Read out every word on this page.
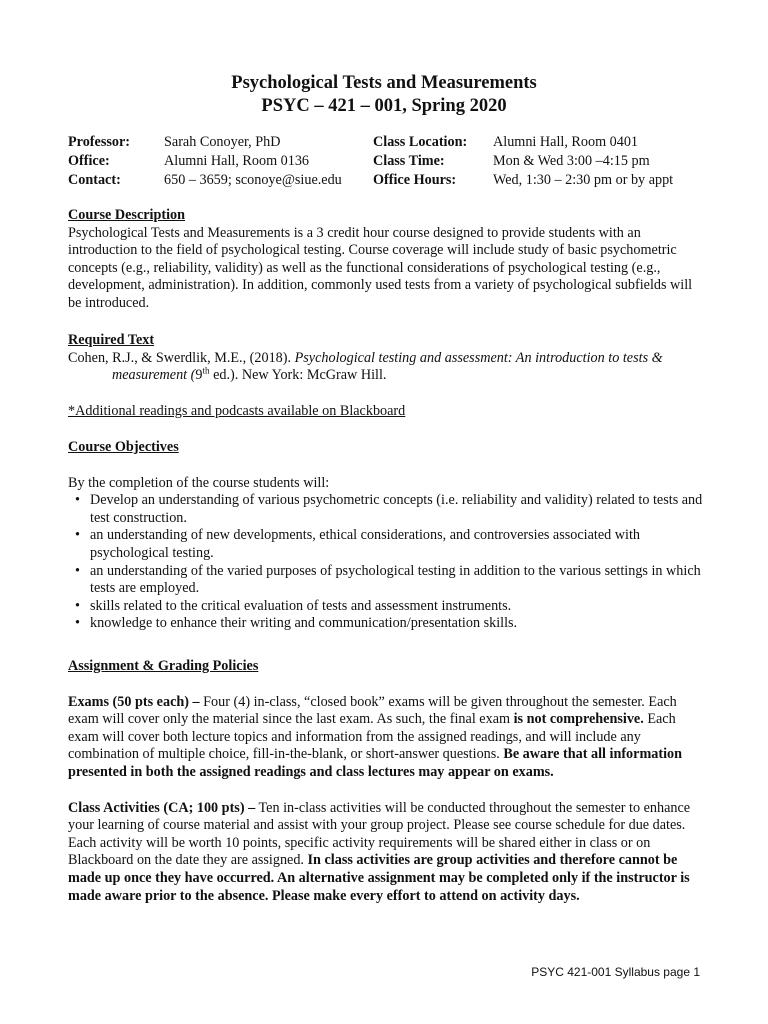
Psychological Tests and Measurements
PSYC – 421 – 001, Spring 2020
Professor: Sarah Conoyer, PhD	Class Location: Alumni Hall, Room 0401
Office:	Alumni Hall, Room 0136	Class Time:	Mon & Wed 3:00 –4:15 pm
Contact:	650 – 3659; sconoye@siue.edu Office Hours:	Wed, 1:30 – 2:30 pm or by appt
Course Description

Psychological Tests and Measurements is a 3 credit hour course designed to provide students with an introduction to the field of psychological testing. Course coverage will include study of basic psychometric concepts (e.g., reliability, validity) as well as the functional considerations of psychological testing (e.g., development, administration). In addition, commonly used tests from a variety of psychological subfields will be introduced.

Required Text

Cohen, R.J., & Swerdlik, M.E., (2018). Psychological testing and assessment: An introduction to tests & measurement (9th ed.). New York: McGraw Hill.

*Additional readings and podcasts available on Blackboard

Course Objectives

By the completion of the course students will:

• Develop an understanding of various psychometric concepts (i.e. reliability and validity) related to tests and test construction.
• an understanding of new developments, ethical considerations, and controversies associated with psychological testing.
• an understanding of the varied purposes of psychological testing in addition to the various settings in which tests are employed.
• skills related to the critical evaluation of tests and assessment instruments.
• knowledge to enhance their writing and communication/presentation skills.
Assignment & Grading Policies

Exams (50 pts each) – Four (4) in-class, “closed book” exams will be given throughout the semester. Each exam will cover only the material since the last exam. As such, the final exam is not comprehensive. Each exam will cover both lecture topics and information from the assigned readings, and will include any combination of multiple choice, fill-in-the-blank, or short-answer questions. Be aware that all information presented in both the assigned readings and class lectures may appear on exams.

Class Activities (CA; 100 pts) – Ten in-class activities will be conducted throughout the semester to enhance your learning of course material and assist with your group project. Please see course schedule for due dates. Each activity will be worth 10 points, specific activity requirements will be shared either in class or on Blackboard on the date they are assigned. In class activities are group activities and therefore cannot be made up once they have occurred. An alternative assignment may be completed only if the instructor is made aware prior to the absence. Please make every effort to attend on activity days.

PSYC 421-001 Syllabus page 1
